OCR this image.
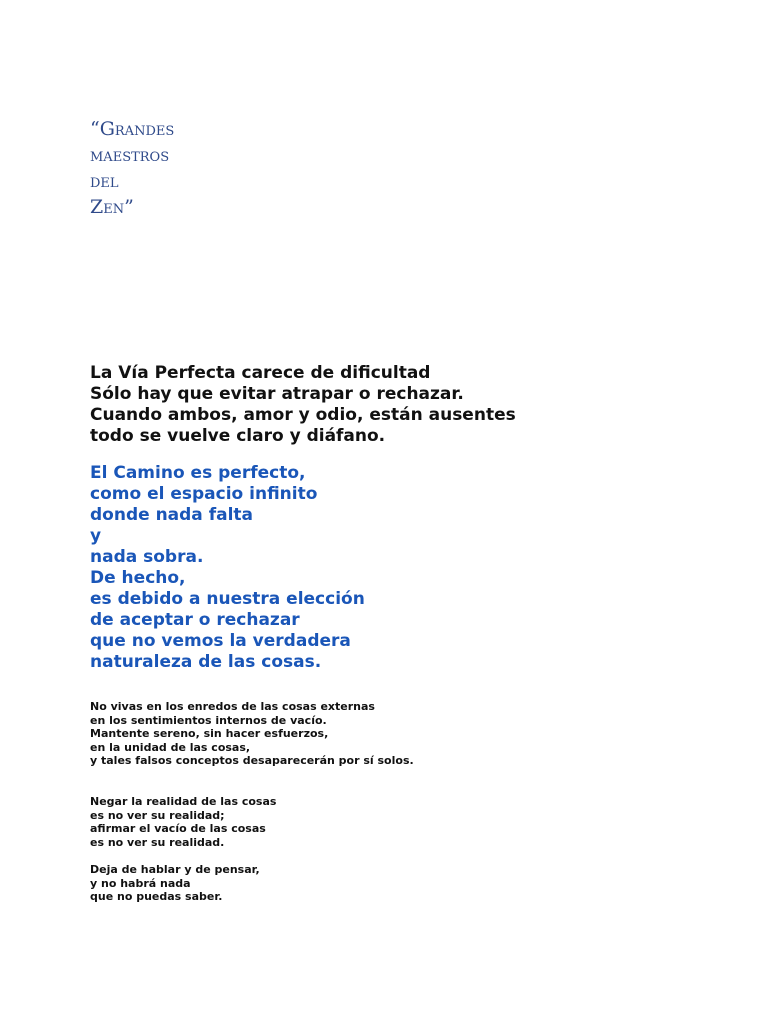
“Grandes
maestros
del
Zen”
La Vía Perfecta carece de dificultad
Sólo hay que evitar atrapar o rechazar.
Cuando ambos, amor y odio, están ausentes
todo se vuelve claro y diáfano.
El Camino es perfecto,
como el espacio infinito
donde nada falta
y
nada sobra.
De hecho,
es debido a nuestra elección
de aceptar o rechazar
que no vemos la verdadera
naturaleza de las cosas.
No vivas en los enredos de las cosas externas
en los sentimientos internos de vacío.
Mantente sereno, sin hacer esfuerzos,
en la unidad de las cosas,
y tales falsos conceptos desaparecerán por sí solos.
Negar la realidad de las cosas
es no ver su realidad;
afirmar el vacío de las cosas
es no ver su realidad.
Deja de hablar y de pensar,
y no habrá nada
que no puedas saber.
